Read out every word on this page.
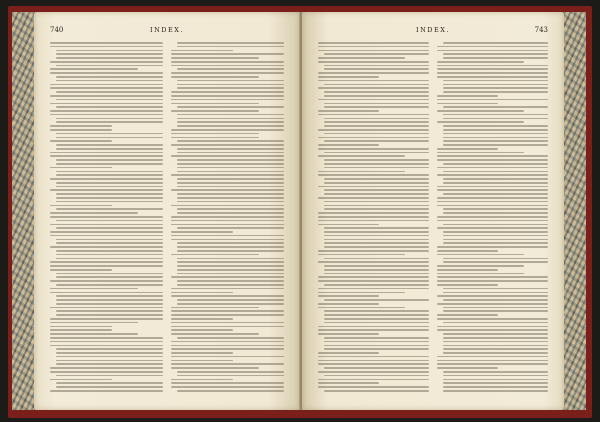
740	INDEX.	INDEX.	743
